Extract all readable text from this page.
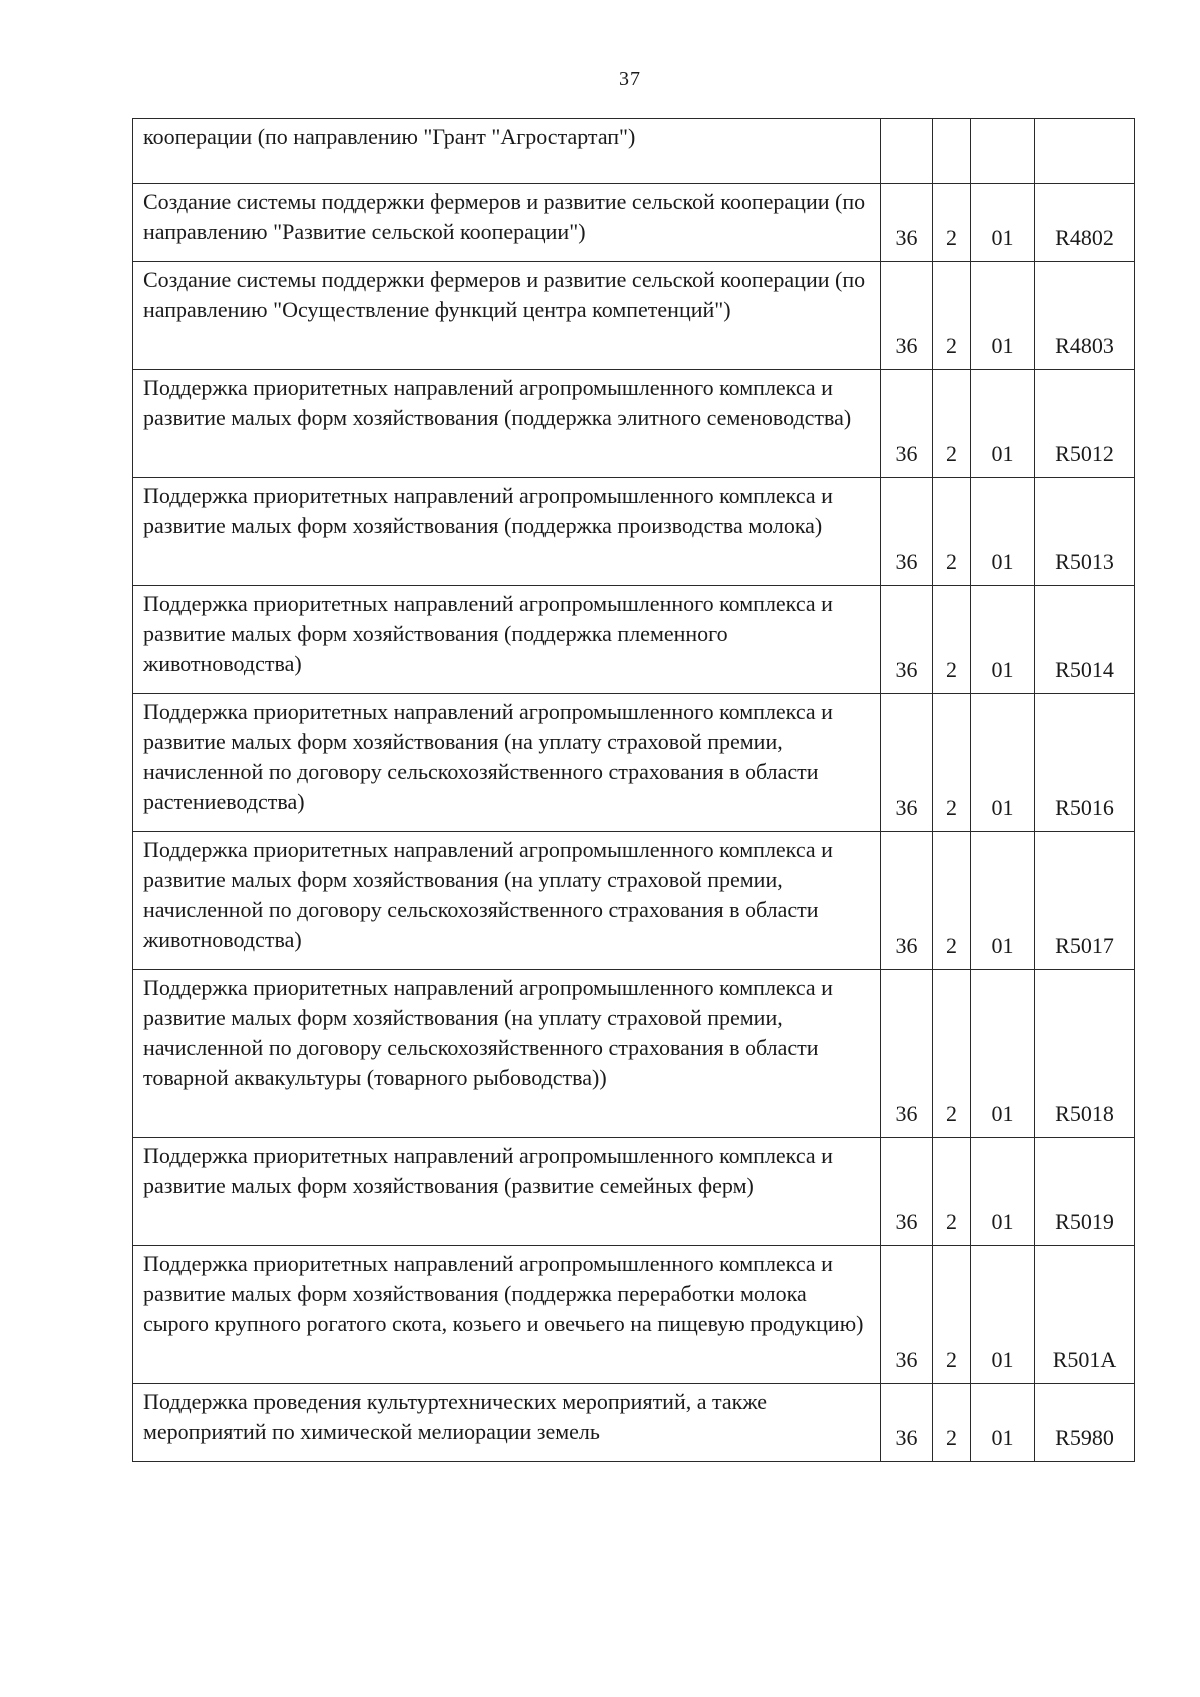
37
кооперации (по направлению "Грант "Агростартап")				
Создание системы поддержки фермеров и развитие сельской кооперации (по направлению "Развитие сельской кооперации")	36	2	01	R4802
Создание системы поддержки фермеров и развитие сельской кооперации (по направлению "Осуществление функций центра компетенций")	36	2	01	R4803
Поддержка приоритетных направлений агропромышленного комплекса и развитие малых форм хозяйствования (поддержка элитного семеноводства)	36	2	01	R5012
Поддержка приоритетных направлений агропромышленного комплекса и развитие малых форм хозяйствования (поддержка производства молока)	36	2	01	R5013
Поддержка приоритетных направлений агропромышленного комплекса и развитие малых форм хозяйствования (поддержка племенного животноводства)	36	2	01	R5014
Поддержка приоритетных направлений агропромышленного комплекса и развитие малых форм хозяйствования (на уплату страховой премии, начисленной по договору сельскохозяйственного страхования в области растениеводства)	36	2	01	R5016
Поддержка приоритетных направлений агропромышленного комплекса и развитие малых форм хозяйствования (на уплату страховой премии, начисленной по договору сельскохозяйственного страхования в области животноводства)	36	2	01	R5017
Поддержка приоритетных направлений агропромышленного комплекса и развитие малых форм хозяйствования (на уплату страховой премии, начисленной по договору сельскохозяйственного страхования в области товарной аквакультуры (товарного рыбоводства))	36	2	01	R5018
Поддержка приоритетных направлений агропромышленного комплекса и развитие малых форм хозяйствования (развитие семейных ферм)	36	2	01	R5019
Поддержка приоритетных направлений агропромышленного комплекса и развитие малых форм хозяйствования (поддержка переработки молока сырого крупного рогатого скота, козьего и овечьего на пищевую продукцию)	36	2	01	R501A
Поддержка проведения культуртехнических мероприятий, а также мероприятий по химической мелиорации земель	36	2	01	R5980
